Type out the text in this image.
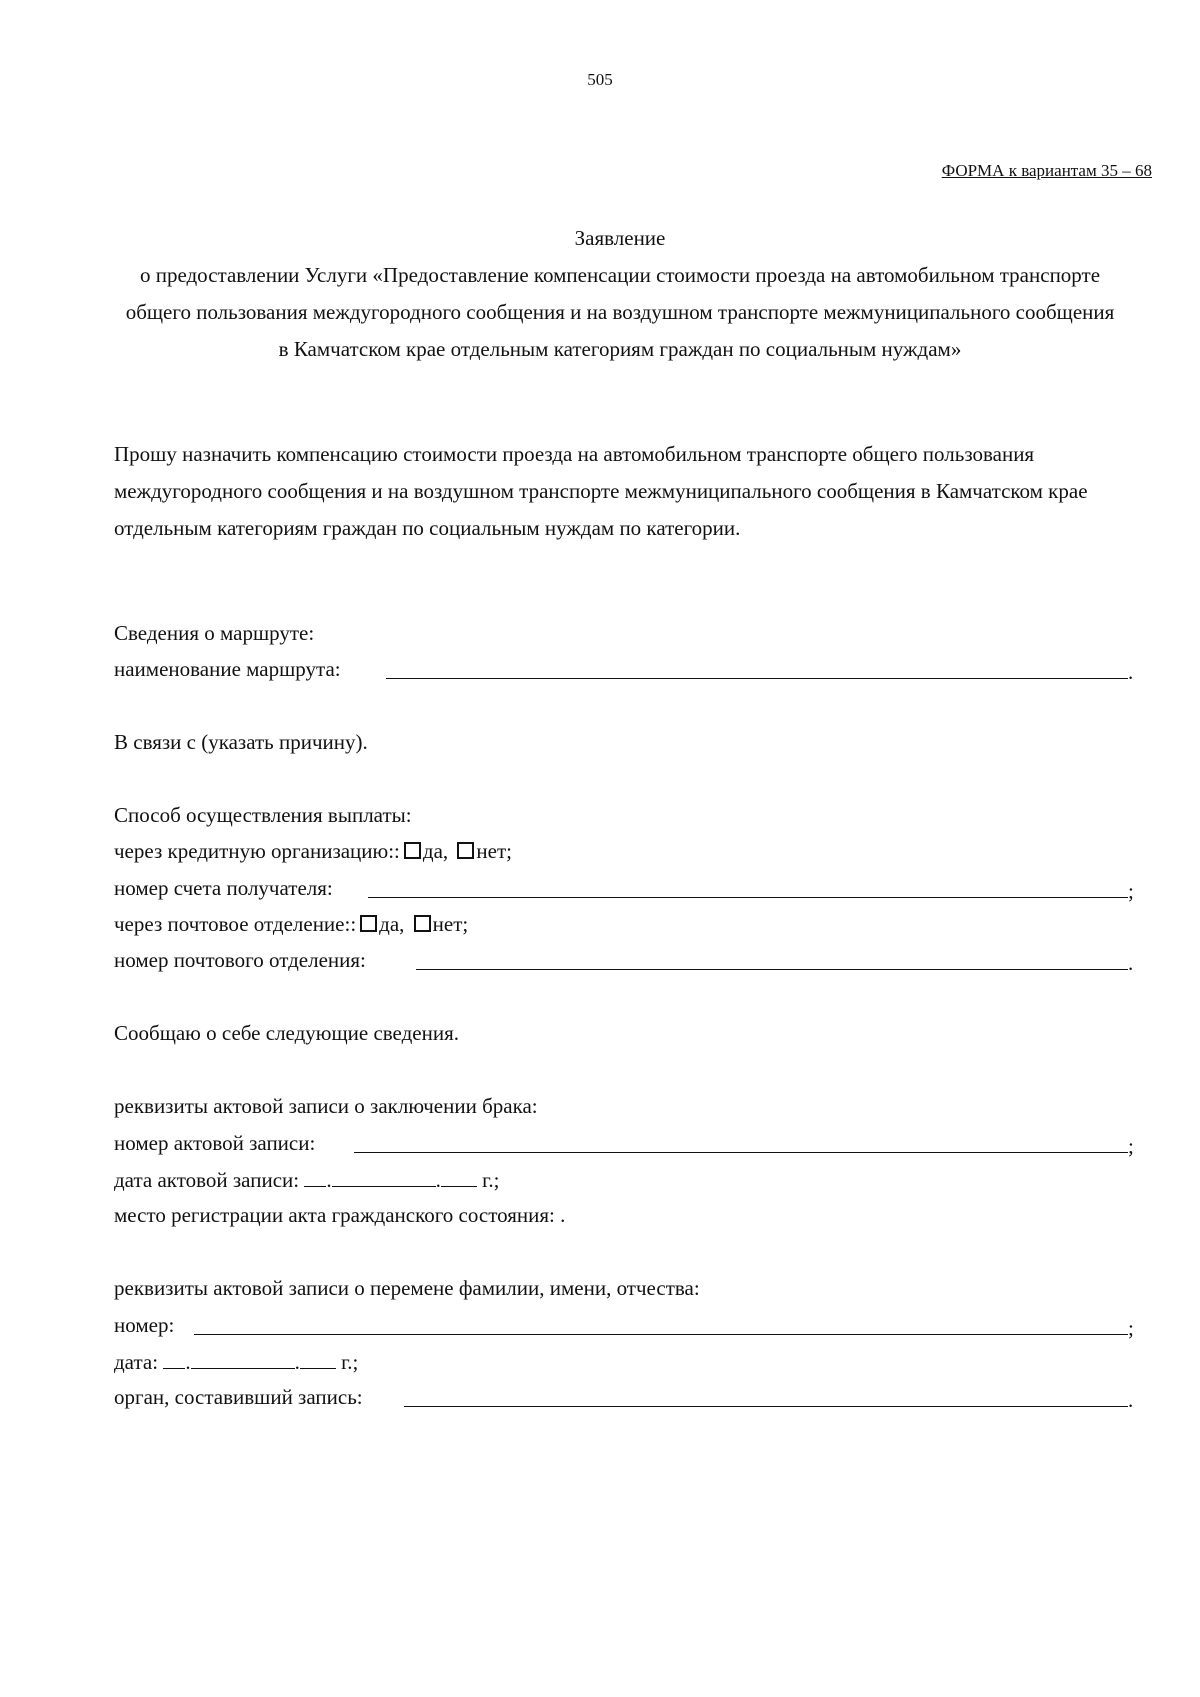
505
ФОРМА к вариантам 35 – 68
Заявление
о предоставлении Услуги «Предоставление компенсации стоимости проезда на автомобильном транспорте общего пользования междугородного сообщения и на воздушном транспорте межмуниципального сообщения в Камчатском крае отдельным категориям граждан по социальным нуждам»
Прошу назначить компенсацию стоимости проезда на автомобильном транспорте общего пользования междугородного сообщения и на воздушном транспорте межмуниципального сообщения в Камчатском крае отдельным категориям граждан по социальным нуждам по категории.
Сведения о маршруте:
наименование маршрута:	.
В связи с (указать причину).
Способ осуществления выплаты:
через кредитную организацию:: да, нет;
номер счета получателя:	;
через почтовое отделение:: да, нет;
номер почтового отделения:	.
Сообщаю о себе следующие сведения.
реквизиты актовой записи о заключении брака:
номер актовой записи:	;
дата актовой записи: .	. г.;
место регистрации акта гражданского состояния: .
реквизиты актовой записи о перемене фамилии, имени, отчества:
номер:	;
дата: .	. г.;
орган, составивший запись:	.
